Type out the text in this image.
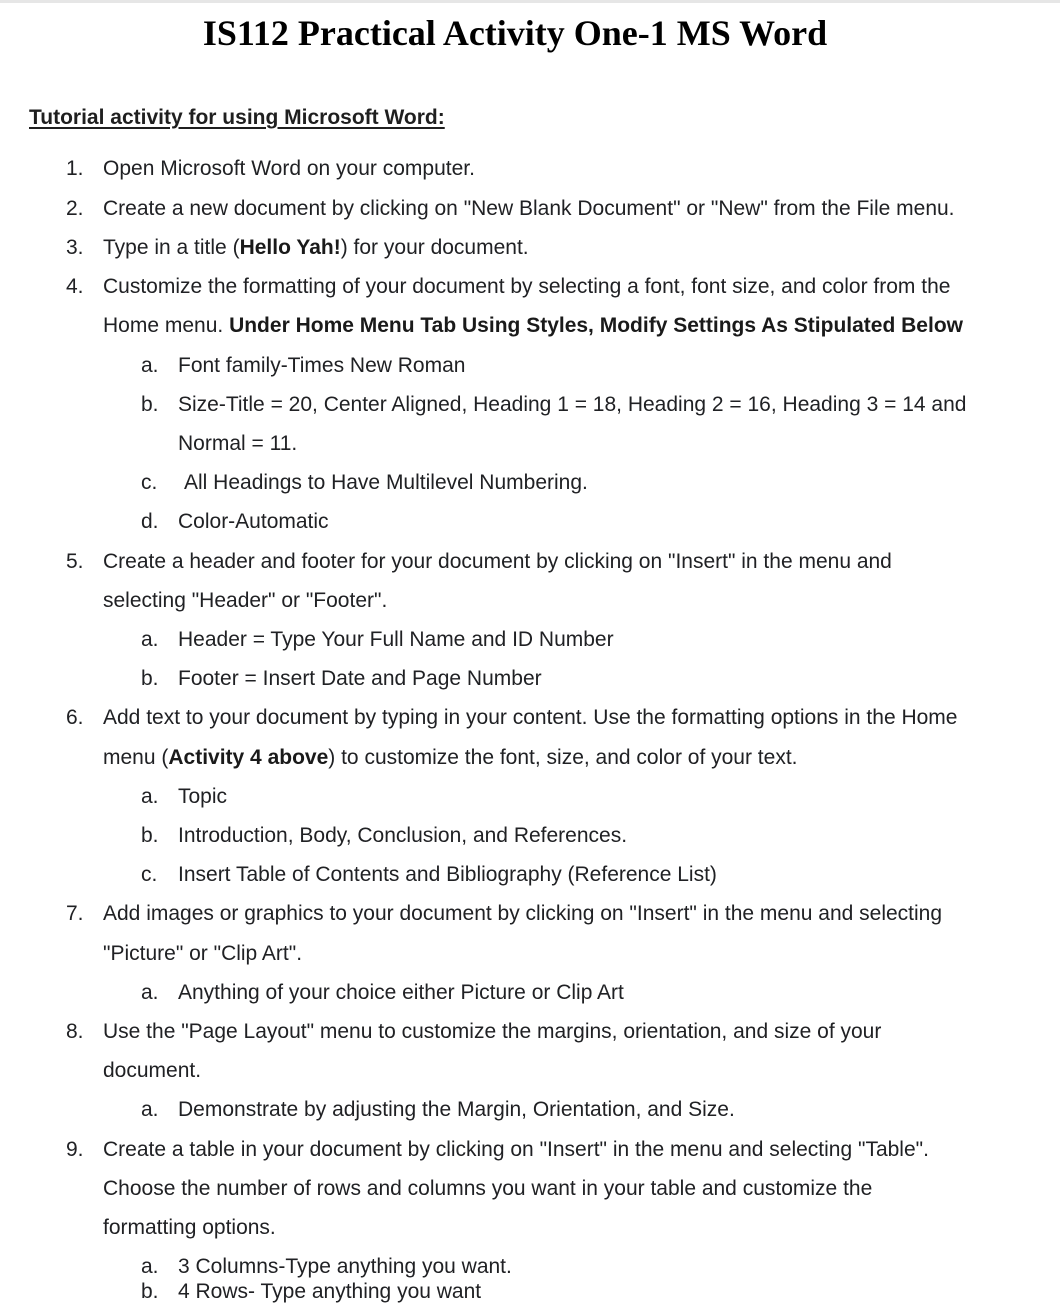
IS112 Practical Activity One-1 MS Word
Tutorial activity for using Microsoft Word:
1. Open Microsoft Word on your computer.
2. Create a new document by clicking on "New Blank Document" or "New" from the File menu.
3. Type in a title (Hello Yah!) for your document.
4. Customize the formatting of your document by selecting a font, font size, and color from the
Home menu. Under Home Menu Tab Using Styles, Modify Settings As Stipulated Below
a. Font family-Times New Roman
b. Size-Title = 20, Center Aligned, Heading 1 = 18, Heading 2 = 16, Heading 3 = 14 and
Normal = 11.
c. All Headings to Have Multilevel Numbering.
d. Color-Automatic
5. Create a header and footer for your document by clicking on "Insert" in the menu and
selecting "Header" or "Footer".
a. Header = Type Your Full Name and ID Number
b. Footer = Insert Date and Page Number
6. Add text to your document by typing in your content. Use the formatting options in the Home
menu (Activity 4 above) to customize the font, size, and color of your text.
a. Topic
b. Introduction, Body, Conclusion, and References.
c. Insert Table of Contents and Bibliography (Reference List)
7. Add images or graphics to your document by clicking on "Insert" in the menu and selecting
"Picture" or "Clip Art".
a. Anything of your choice either Picture or Clip Art
8. Use the "Page Layout" menu to customize the margins, orientation, and size of your
document.
a. Demonstrate by adjusting the Margin, Orientation, and Size.
9. Create a table in your document by clicking on "Insert" in the menu and selecting "Table".
Choose the number of rows and columns you want in your table and customize the
formatting options.
a. 3 Columns-Type anything you want.
b. 4 Rows- Type anything you want
